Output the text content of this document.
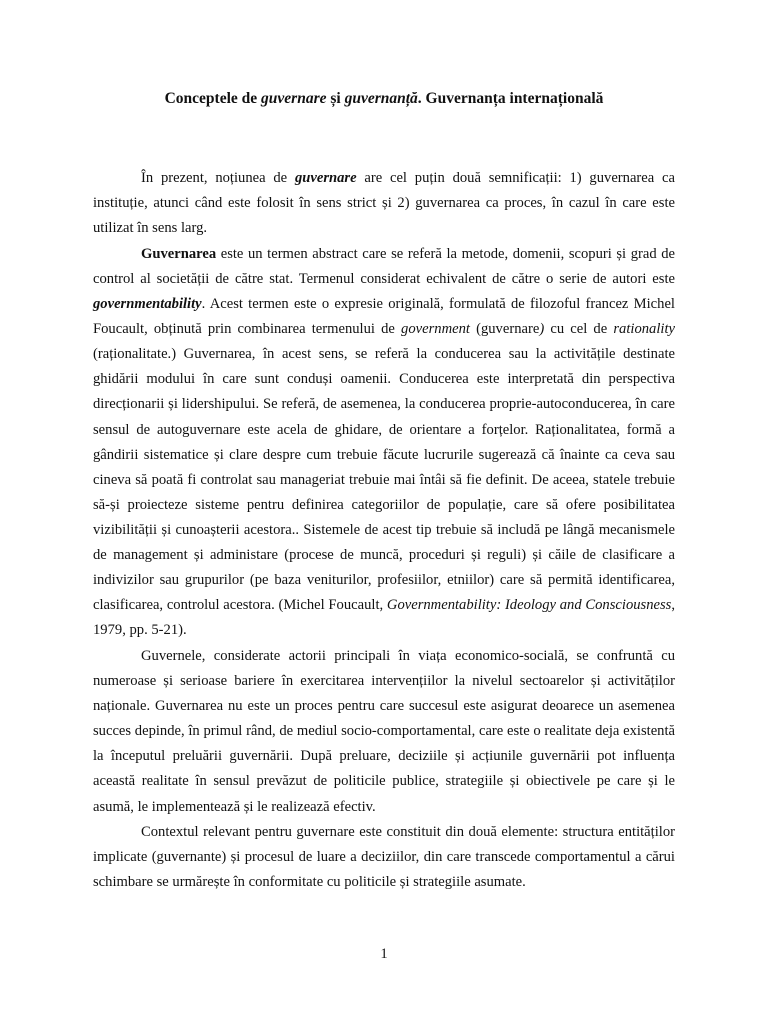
Conceptele de guvernare și guvernanță. Guvernanța internațională

În prezent, noțiunea de guvernare are cel puțin două semnificații: 1) guvernarea ca instituție, atunci când este folosit în sens strict și 2) guvernarea ca proces, în cazul în care este utilizat în sens larg.

Guvernarea este un termen abstract care se referă la metode, domenii, scopuri și grad de control al societății de către stat. Termenul considerat echivalent de către o serie de autori este governmentability. Acest termen este o expresie originală, formulată de filozoful francez Michel Foucault, obținută prin combinarea termenului de government (guvernare) cu cel de rationality (raționalitate.) Guvernarea, în acest sens, se referă la conducerea sau la activitățile destinate ghidării modului în care sunt conduși oamenii. Conducerea este interpretată din perspectiva direcționarii și lidershipului. Se referă, de asemenea, la conducerea proprie-autoconducerea, în care sensul de autoguvernare este acela de ghidare, de orientare a forțelor. Raționalitatea, formă a gândirii sistematice și clare despre cum trebuie făcute lucrurile sugerează că înainte ca ceva sau cineva să poată fi controlat sau manageriat trebuie mai întâi să fie definit. De aceea, statele trebuie să-și proiecteze sisteme pentru definirea categoriilor de populație, care să ofere posibilitatea vizibilității și cunoașterii acestora.. Sistemele de acest tip trebuie să includă pe lângă mecanismele de management și administare (procese de muncă, proceduri și reguli) și căile de clasificare a indivizilor sau grupurilor (pe baza veniturilor, profesiilor, etniilor) care să permită identificarea, clasificarea, controlul acestora. (Michel Foucault, Governmentability: Ideology and Consciousness, 1979, pp. 5-21).

Guvernele, considerate actorii principali în viața economico-socială, se confruntă cu numeroase și serioase bariere în exercitarea intervențiilor la nivelul sectoarelor și activităților naționale. Guvernarea nu este un proces pentru care succesul este asigurat deoarece un asemenea succes depinde, în primul rând, de mediul socio-comportamental, care este o realitate deja existentă la începutul preluării guvernării. După preluare, deciziile și acțiunile guvernării pot influența această realitate în sensul prevăzut de politicile publice, strategiile și obiectivele pe care și le asumă, le implementează și le realizează efectiv.

Contextul relevant pentru guvernare este constituit din două elemente: structura entităților implicate (guvernante) și procesul de luare a deciziilor, din care transcede comportamentul a cărui schimbare se urmărește în conformitate cu politicile și strategiile asumate.

1
